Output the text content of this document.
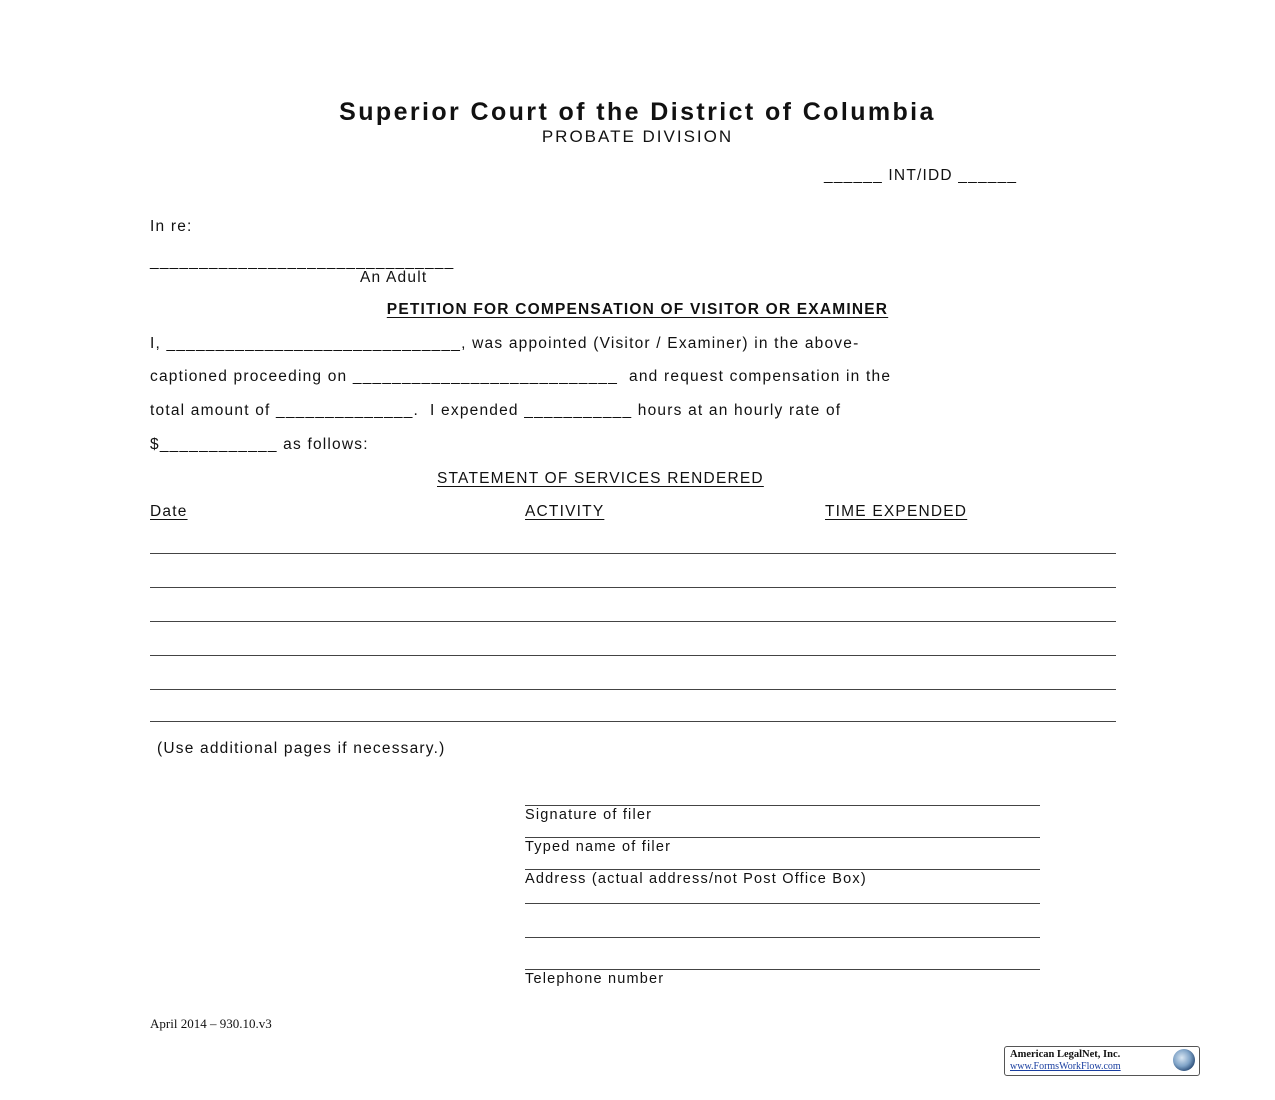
Superior Court of the District of Columbia
PROBATE DIVISION
______ INT/IDD ______
In re:
_______________________________
An Adult
PETITION FOR COMPENSATION OF VISITOR OR EXAMINER
I, ______________________________, was appointed (Visitor / Examiner) in the above-
captioned proceeding on ___________________________  and request compensation in the
total amount of ______________.  I expended ___________ hours at an hourly rate of
$____________ as follows:
STATEMENT OF SERVICES RENDERED
Date	ACTIVITY	TIME EXPENDED
(Use additional pages if necessary.)
Signature of filer
Typed name of filer
Address (actual address/not Post Office Box)
Telephone number
April 2014 – 930.10.v3
American LegalNet, Inc.
www.FormsWorkFlow.com
